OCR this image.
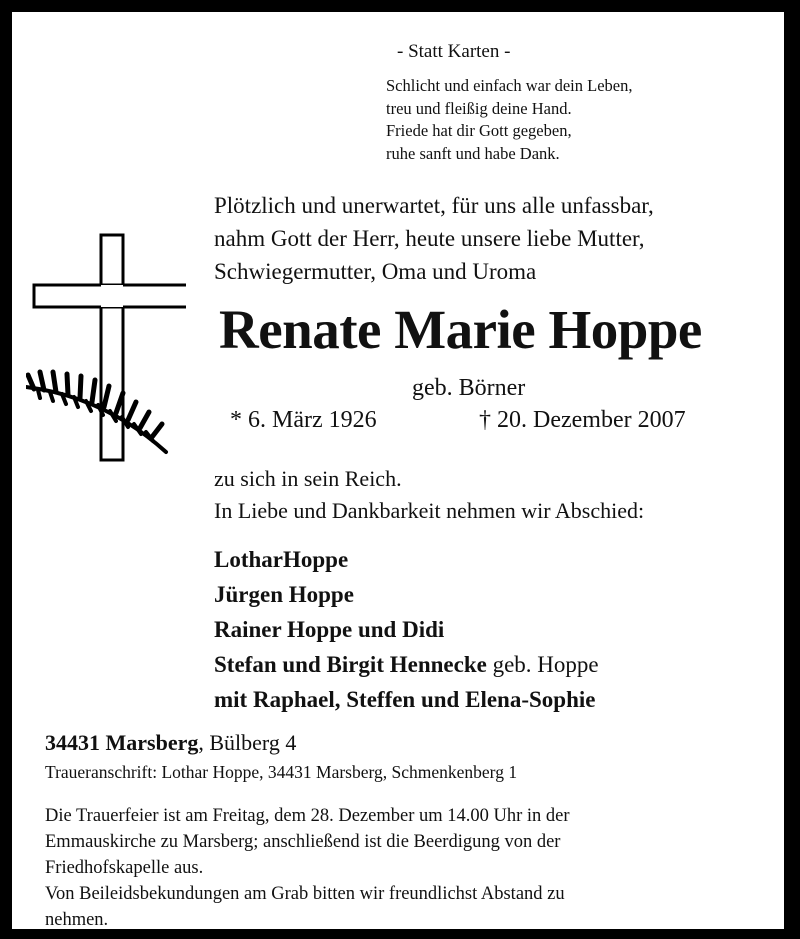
- Statt Karten -

Schlicht und einfach war dein Leben,
treu und fleißig deine Hand.
Friede hat dir Gott gegeben,
ruhe sanft und habe Dank.
Plötzlich und unerwartet, für uns alle unfassbar,
nahm Gott der Herr, heute unsere liebe Mutter,
Schwiegermutter, Oma und Uroma

Renate Marie Hoppe

geb. Börner

* 6. März 1926	† 20. Dezember 2007

zu sich in sein Reich.
In Liebe und Dankbarkeit nehmen wir Abschied:
LotharHoppe
Jürgen Hoppe
Rainer Hoppe und Didi
Stefan und Birgit Hennecke geb. Hoppe
mit Raphael, Steffen und Elena-Sophie

34431 Marsberg, Bülberg 4

Traueranschrift: Lothar Hoppe, 34431 Marsberg, Schmenkenberg 1

Die Trauerfeier ist am Freitag, dem 28. Dezember um 14.00 Uhr in der
Emmauskirche zu Marsberg; anschließend ist die Beerdigung von der
Friedhofskapelle aus.
Von Beileidsbekundungen am Grab bitten wir freundlichst Abstand zu
nehmen.
